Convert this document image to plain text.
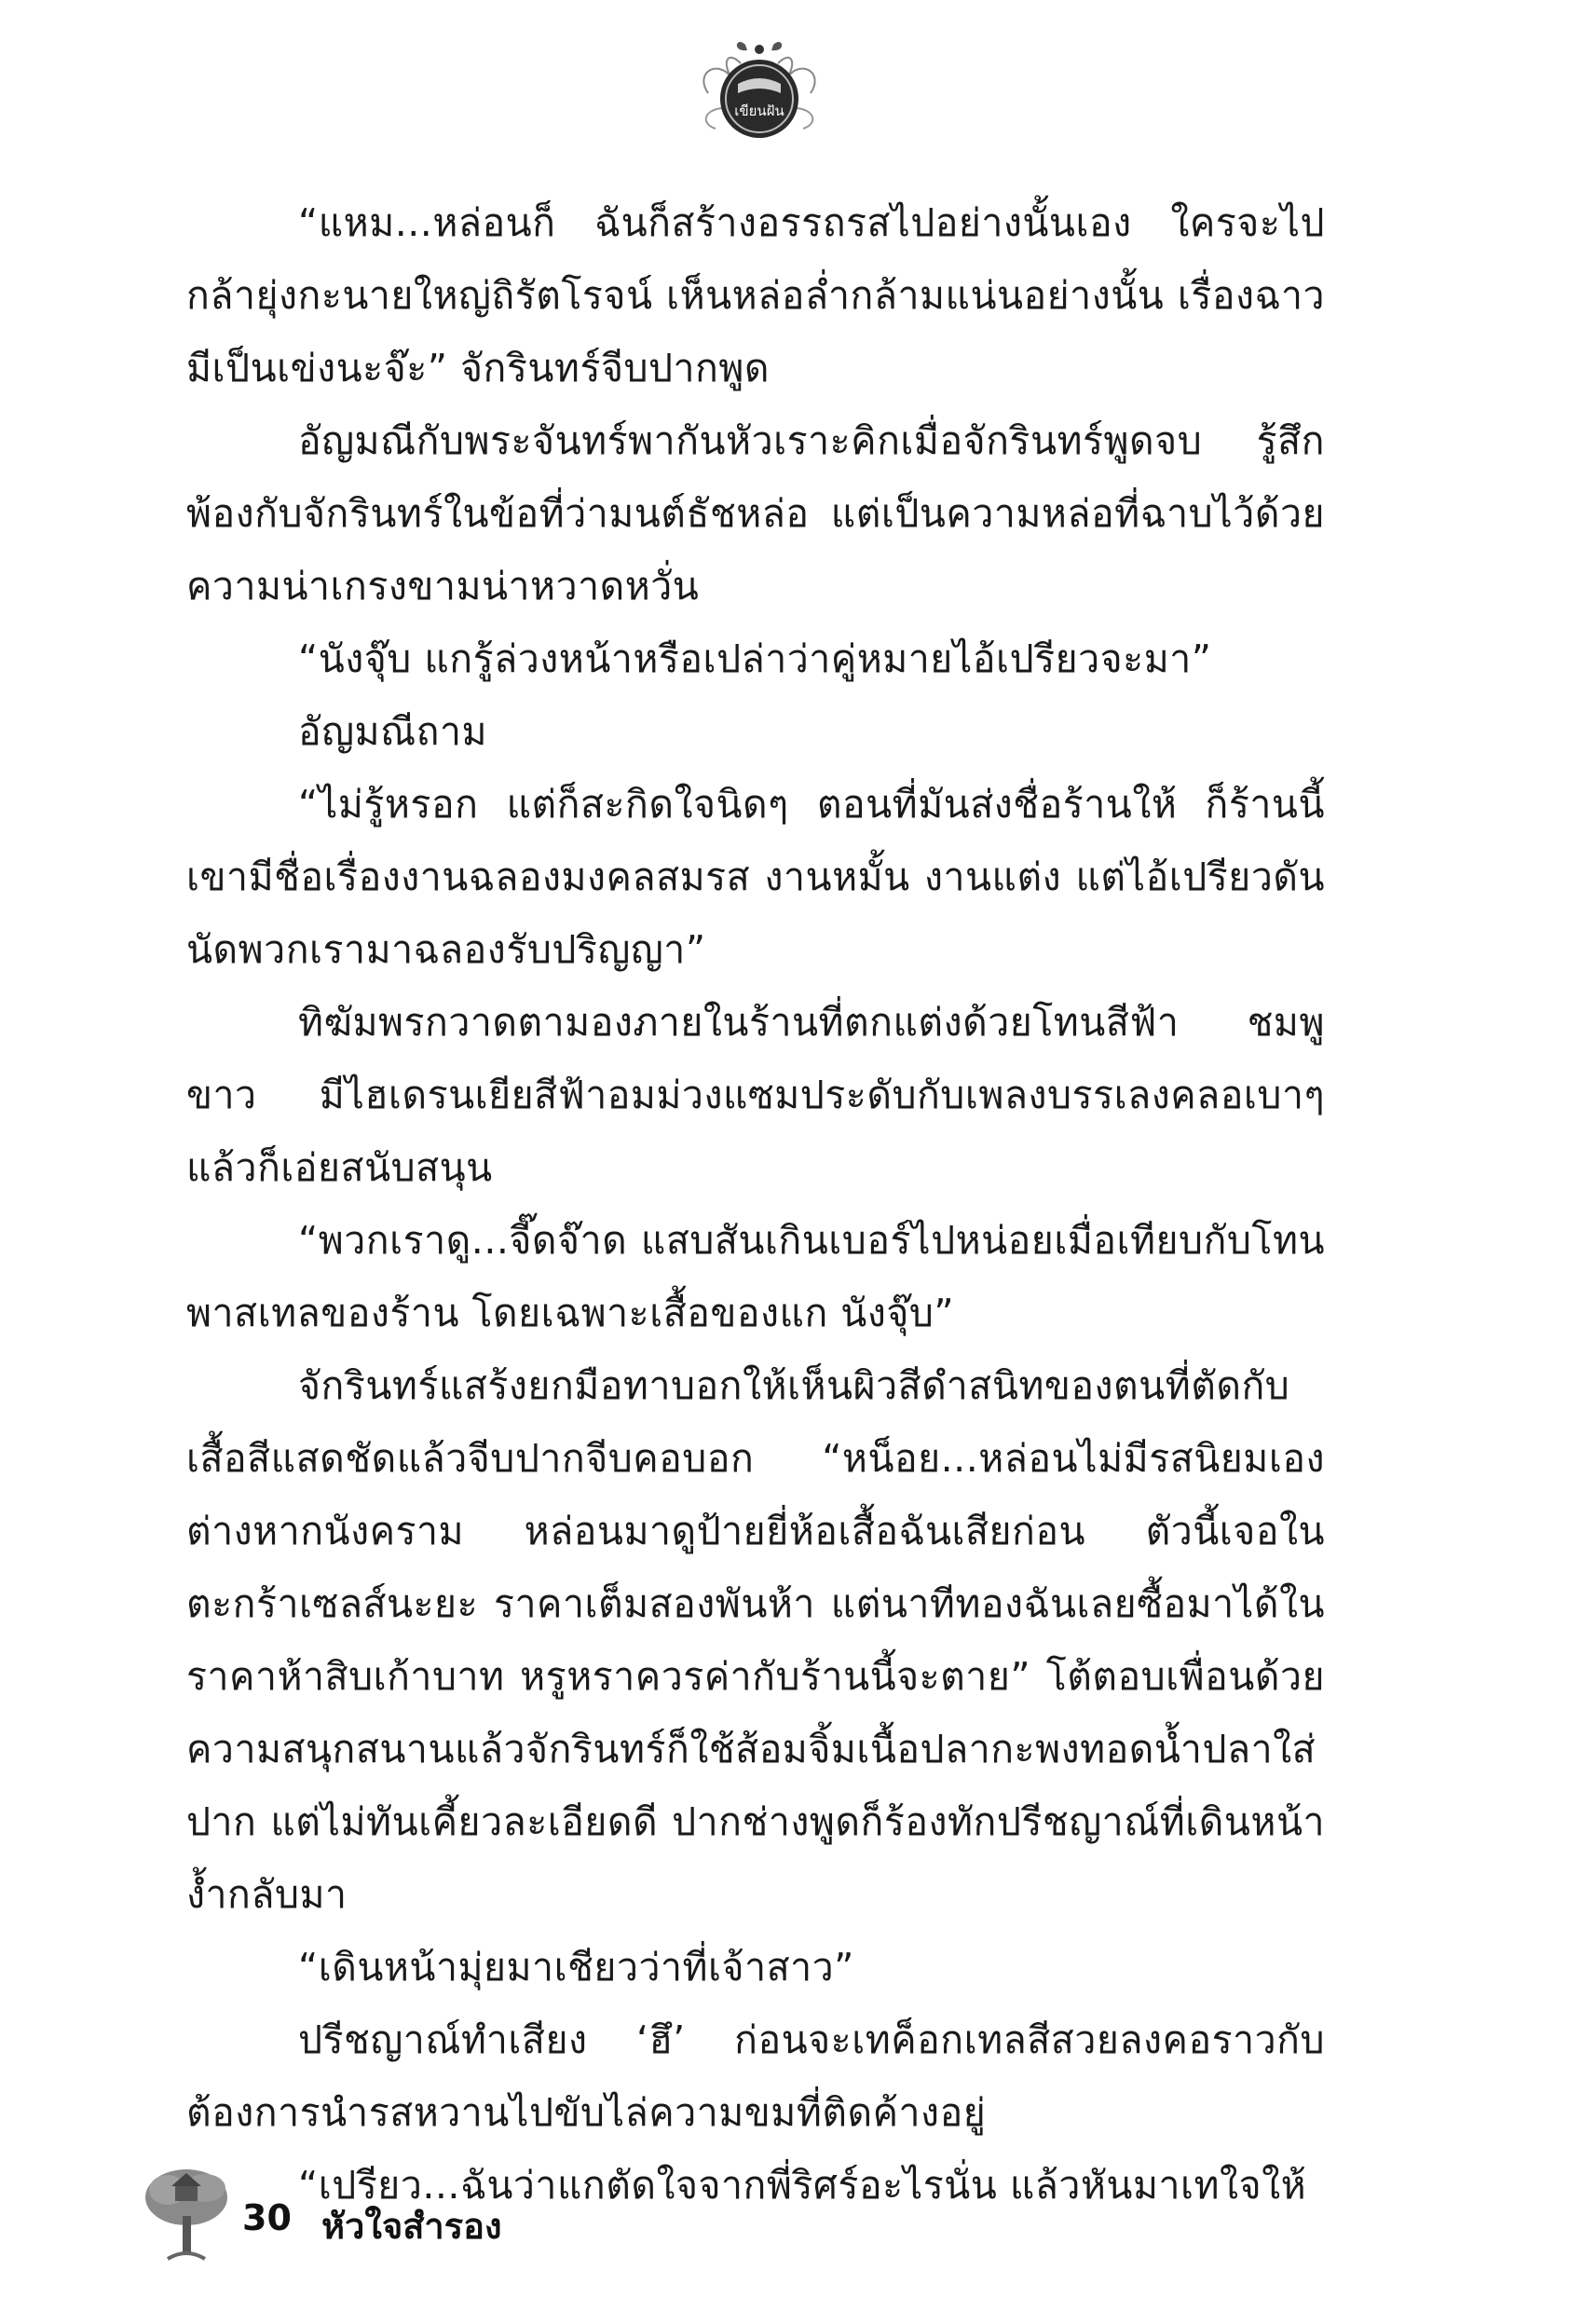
เขียนฝัน

“แหม...หล่อนก็ ฉันก็สร้างอรรถรสไปอย่างนั้นเอง ใครจะไปกล้ายุ่งกะนายใหญ่ถิรัตโรจน์ เห็นหล่อล่ำกล้ามแน่นอย่างนั้น เรื่องฉาวมีเป็นเข่งนะจ๊ะ” จักรินทร์จีบปากพูด

อัญมณีกับพระจันทร์พากันหัวเราะคิกเมื่อจักรินทร์พูดจบ รู้สึกพ้องกับจักรินทร์ในข้อที่ว่ามนต์ธัชหล่อ แต่เป็นความหล่อที่ฉาบไว้ด้วยความน่าเกรงขามน่าหวาดหวั่น

“นังจุ๊บ แกรู้ล่วงหน้าหรือเปล่าว่าคู่หมายไอ้เปรียวจะมา”

อัญมณีถาม

“ไม่รู้หรอก แต่ก็สะกิดใจนิดๆ ตอนที่มันส่งชื่อร้านให้ ก็ร้านนี้เขามีชื่อเรื่องงานฉลองมงคลสมรส งานหมั้น งานแต่ง แต่ไอ้เปรียวดันนัดพวกเรามาฉลองรับปริญญา”

ทิฆัมพรกวาดตามองภายในร้านที่ตกแต่งด้วยโทนสีฟ้า ชมพู ขาว มีไฮเดรนเยียสีฟ้าอมม่วงแซมประดับกับเพลงบรรเลงคลอเบาๆ แล้วก็เอ่ยสนับสนุน

“พวกเราดู...จี๊ดจ๊าด แสบสันเกินเบอร์ไปหน่อยเมื่อเทียบกับโทนพาสเทลของร้าน โดยเฉพาะเสื้อของแก นังจุ๊บ”

จักรินทร์แสร้งยกมือทาบอกให้เห็นผิวสีดำสนิทของตนที่ตัดกับเสื้อสีแสดชัดแล้วจีบปากจีบคอบอก “หน็อย...หล่อนไม่มีรสนิยมเองต่างหากนังคราม หล่อนมาดูป้ายยี่ห้อเสื้อฉันเสียก่อน ตัวนี้เจอในตะกร้าเซลส์นะยะ ราคาเต็มสองพันห้า แต่นาทีทองฉันเลยซื้อมาได้ในราคาห้าสิบเก้าบาท หรูหราควรค่ากับร้านนี้จะตาย” โต้ตอบเพื่อนด้วยความสนุกสนานแล้วจักรินทร์ก็ใช้ส้อมจิ้มเนื้อปลากะพงทอดน้ำปลาใส่ปาก แต่ไม่ทันเคี้ยวละเอียดดี ปากช่างพูดก็ร้องทักปรีชญาณ์ที่เดินหน้างํ้ากลับมา

“เดินหน้ามุ่ยมาเชียวว่าที่เจ้าสาว”

ปรีชญาณ์ทำเสียง ‘ฮึ’ ก่อนจะเทค็อกเทลสีสวยลงคอราวกับต้องการนำรสหวานไปขับไล่ความขมที่ติดค้างอยู่

“เปรียว...ฉันว่าแกตัดใจจากพี่ริศร์อะไรนั่น แล้วหันมาเทใจให้

30 หัวใจสำรอง
